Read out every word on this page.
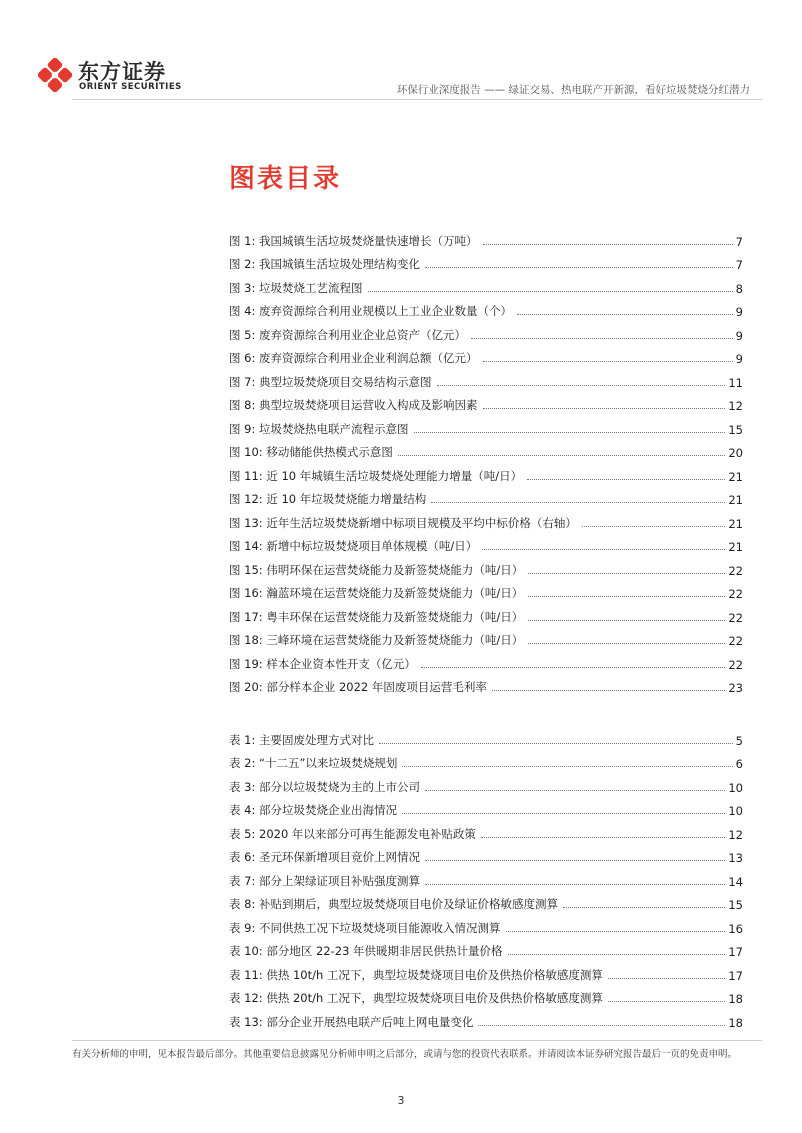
东方证券
ORIENT SECURITIES	环保行业深度报告 —— 绿证交易、热电联产开新源，看好垃圾焚烧分红潜力
图表目录
图 1: 我国城镇生活垃圾焚烧量快速增长（万吨）	7
图 2: 我国城镇生活垃圾处理结构变化	7
图 3: 垃圾焚烧工艺流程图	8
图 4: 废弃资源综合利用业规模以上工业企业数量（个）	9
图 5: 废弃资源综合利用业企业总资产（亿元）	9
图 6: 废弃资源综合利用业企业利润总额（亿元）	9
图 7: 典型垃圾焚烧项目交易结构示意图	11
图 8: 典型垃圾焚烧项目运营收入构成及影响因素	12
图 9: 垃圾焚烧热电联产流程示意图	15
图 10: 移动储能供热模式示意图	20
图 11: 近 10 年城镇生活垃圾焚烧处理能力增量（吨/日）	21
图 12: 近 10 年垃圾焚烧能力增量结构	21
图 13: 近年生活垃圾焚烧新增中标项目规模及平均中标价格（右轴）	21
图 14: 新增中标垃圾焚烧项目单体规模（吨/日）	21
图 15: 伟明环保在运营焚烧能力及新签焚烧能力（吨/日）	22
图 16: 瀚蓝环境在运营焚烧能力及新签焚烧能力（吨/日）	22
图 17: 粤丰环保在运营焚烧能力及新签焚烧能力（吨/日）	22
图 18: 三峰环境在运营焚烧能力及新签焚烧能力（吨/日）	22
图 19: 样本企业资本性开支（亿元）	22
图 20: 部分样本企业 2022 年固废项目运营毛利率	23
表 1: 主要固废处理方式对比	5
表 2: “十二五”以来垃圾焚烧规划	6
表 3: 部分以垃圾焚烧为主的上市公司	10
表 4: 部分垃圾焚烧企业出海情况	10
表 5: 2020 年以来部分可再生能源发电补贴政策	12
表 6: 圣元环保新增项目竞价上网情况	13
表 7: 部分上架绿证项目补贴强度测算	14
表 8: 补贴到期后，典型垃圾焚烧项目电价及绿证价格敏感度测算	15
表 9: 不同供热工况下垃圾焚烧项目能源收入情况测算	16
表 10: 部分地区 22-23 年供暖期非居民供热计量价格	17
表 11: 供热 10t/h 工况下，典型垃圾焚烧项目电价及供热价格敏感度测算	17
表 12: 供热 20t/h 工况下，典型垃圾焚烧项目电价及供热价格敏感度测算	18
表 13: 部分企业开展热电联产后吨上网电量变化	18
有关分析师的申明，见本报告最后部分。其他重要信息披露见分析师申明之后部分，或请与您的投资代表联系。并请阅读本证券研究报告最后一页的免责申明。
3
